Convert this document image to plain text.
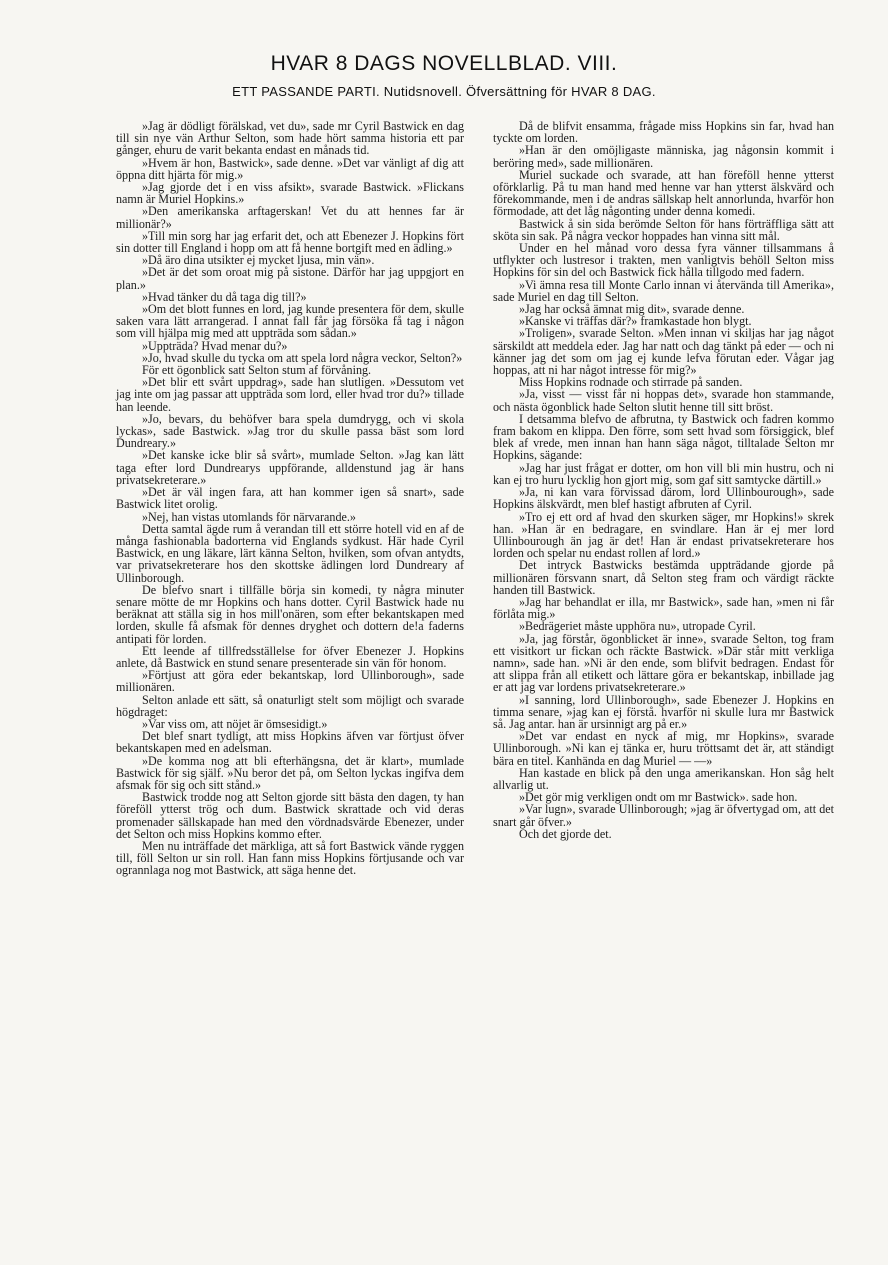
HVAR 8 DAGS NOVELLBLAD. VIII.
ETT PASSANDE PARTI. Nutidsnovell. Öfversättning för HVAR 8 DAG.

»Jag är dödligt förälskad, vet du», sade mr Cyril Bastwick en dag till sin nye vän Arthur Selton, som hade hört samma historia ett par gånger, ehuru de varit bekanta endast en månads tid.

»Hvem är hon, Bastwick», sade denne. »Det var vänligt af dig att öppna ditt hjärta för mig.»

»Jag gjorde det i en viss afsikt», svarade Bastwick. »Flickans namn är Muriel Hopkins.»

»Den amerikanska arftagerskan! Vet du att hennes far är millionär?»

»Till min sorg har jag erfarit det, och att Ebenezer J. Hopkins fört sin dotter till England i hopp om att få henne bortgift med en ädling.»

»Då äro dina utsikter ej mycket ljusa, min vän».

»Det är det som oroat mig på sistone. Därför har jag uppgjort en plan.»

»Hvad tänker du då taga dig till?»

»Om det blott funnes en lord, jag kunde presentera för dem, skulle saken vara lätt arrangerad. I annat fall får jag försöka få tag i någon som vill hjälpa mig med att uppträda som sådan.»

»Uppträda? Hvad menar du?»

»Jo, hvad skulle du tycka om att spela lord några veckor, Selton?»

För ett ögonblick satt Selton stum af förvåning.

»Det blir ett svårt uppdrag», sade han slutligen. »Dessutom vet jag inte om jag passar att uppträda som lord, eller hvad tror du?» tillade han leende.

»Jo, bevars, du behöfver bara spela dumdrygg, och vi skola lyckas», sade Bastwick. »Jag tror du skulle passa bäst som lord Dundreary.»

»Det kanske icke blir så svårt», mumlade Selton. »Jag kan lätt taga efter lord Dundrearys uppförande, alldenstund jag är hans privatsekreterare.»

»Det är väl ingen fara, att han kommer igen så snart», sade Bastwick litet orolig.

»Nej, han vistas utomlands för närvarande.»

Detta samtal ägde rum å verandan till ett större hotell vid en af de många fashionabla badorterna vid Englands sydkust. Här hade Cyril Bastwick, en ung läkare, lärt känna Selton, hvilken, som ofvan antydts, var privatsekreterare hos den skottske ädlingen lord Dundreary af Ullinborough.

De blefvo snart i tillfälle börja sin komedi, ty några minuter senare mötte de mr Hopkins och hans dotter. Cyril Bastwick hade nu beräknat att ställa sig in hos mill'onären, som efter bekantskapen med lorden, skulle få afsmak för dennes dryghet och dottern de!a faderns antipati för lorden.

Ett leende af tillfredsställelse for öfver Ebenezer J. Hopkins anlete, då Bastwick en stund senare presenterade sin vän för honom.

»Förtjust att göra eder bekantskap, lord Ullinborough», sade millionären.

Selton anlade ett sätt, så onaturligt stelt som möjligt och svarade högdraget:

»Var viss om, att nöjet är ömsesidigt.»

Det blef snart tydligt, att miss Hopkins äfven var förtjust öfver bekantskapen med en adelsman.

»De komma nog att bli efterhängsna, det är klart», mumlade Bastwick för sig själf. »Nu beror det på, om Selton lyckas ingifva dem afsmak för sig och sitt stånd.»

Bastwick trodde nog att Selton gjorde sitt bästa den dagen, ty han föreföll ytterst trög och dum. Bastwick skrattade och vid deras promenader sällskapade han med den vördnadsvärde Ebenezer, under det Selton och miss Hopkins kommo efter.

Men nu inträffade det märkliga, att så fort Bastwick vände ryggen till, föll Selton ur sin roll. Han fann miss Hopkins förtjusande och var ogrannlaga nog mot Bastwick, att säga henne det.

Då de blifvit ensamma, frågade miss Hopkins sin far, hvad han tyckte om lorden.

»Han är den omöjligaste människa, jag någonsin kommit i beröring med», sade millionären.

Muriel suckade och svarade, att han föreföll henne ytterst oförklarlig. På tu man hand med henne var han ytterst älskvärd och förekommande, men i de andras sällskap helt annorlunda, hvarför hon förmodade, att det låg någonting under denna komedi.

Bastwick å sin sida berömde Selton för hans förträffliga sätt att sköta sin sak. På några veckor hoppades han vinna sitt mål.

Under en hel månad voro dessa fyra vänner tillsammans å utflykter och lustresor i trakten, men vanligtvis behöll Selton miss Hopkins för sin del och Bastwick fick hålla tillgodo med fadern.

»Vi ämna resa till Monte Carlo innan vi återvända till Amerika», sade Muriel en dag till Selton.

»Jag har också ämnat mig dit», svarade denne.

»Kanske vi träffas där?» framkastade hon blygt.

»Troligen», svarade Selton. »Men innan vi skiljas har jag något särskildt att meddela eder. Jag har natt och dag tänkt på eder — och ni känner jag det som om jag ej kunde lefva förutan eder. Vågar jag hoppas, att ni har något intresse för mig?»

Miss Hopkins rodnade och stirrade på sanden.

»Ja, visst — visst får ni hoppas det», svarade hon stammande, och nästa ögonblick hade Selton slutit henne till sitt bröst.

I detsamma blefvo de afbrutna, ty Bastwick och fadren kommo fram bakom en klippa. Den förre, som sett hvad som försiggick, blef blek af vrede, men innan han hann säga något, tilltalade Selton mr Hopkins, sägande:

»Jag har just frågat er dotter, om hon vill bli min hustru, och ni kan ej tro huru lycklig hon gjort mig, som gaf sitt samtycke därtill.»

»Ja, ni kan vara förvissad därom, lord Ullinbourough», sade Hopkins älskvärdt, men blef hastigt afbruten af Cyril.

»Tro ej ett ord af hvad den skurken säger, mr Hopkins!» skrek han. »Han är en bedragare, en svindlare. Han är ej mer lord Ullinbourough än jag är det! Han är endast privatsekreterare hos lorden och spelar nu endast rollen af lord.»

Det intryck Bastwicks bestämda uppträdande gjorde på millionären försvann snart, då Selton steg fram och värdigt räckte handen till Bastwick.

»Jag har behandlat er illa, mr Bastwick», sade han, »men ni får förlåta mig.»

»Bedrägeriet måste upphöra nu», utropade Cyril.

»Ja, jag förstår, ögonblicket är inne», svarade Selton, tog fram ett visitkort ur fickan och räckte Bastwick. »Där står mitt verkliga namn», sade han. »Ni är den ende, som blifvit bedragen. Endast för att slippa från all etikett och lättare göra er bekantskap, inbillade jag er att jag var lordens privatsekreterare.»

»I sanning, lord Ullinborough», sade Ebenezer J. Hopkins en timma senare, »jag kan ej förstå. hvarför ni skulle lura mr Bastwick så. Jag antar. han är ursinnigt arg på er.»

»Det var endast en nyck af mig, mr Hopkins», svarade Ullinborough. »Ni kan ej tänka er, huru tröttsamt det är, att ständigt bära en titel. Kanhända en dag Muriel — —»

Han kastade en blick på den unga amerikanskan. Hon såg helt allvarlig ut.

»Det gör mig verkligen ondt om mr Bastwick». sade hon.

»Var lugn», svarade Ullinborough; »jag är öfvertygad om, att det snart går öfver.»

Och det gjorde det.
